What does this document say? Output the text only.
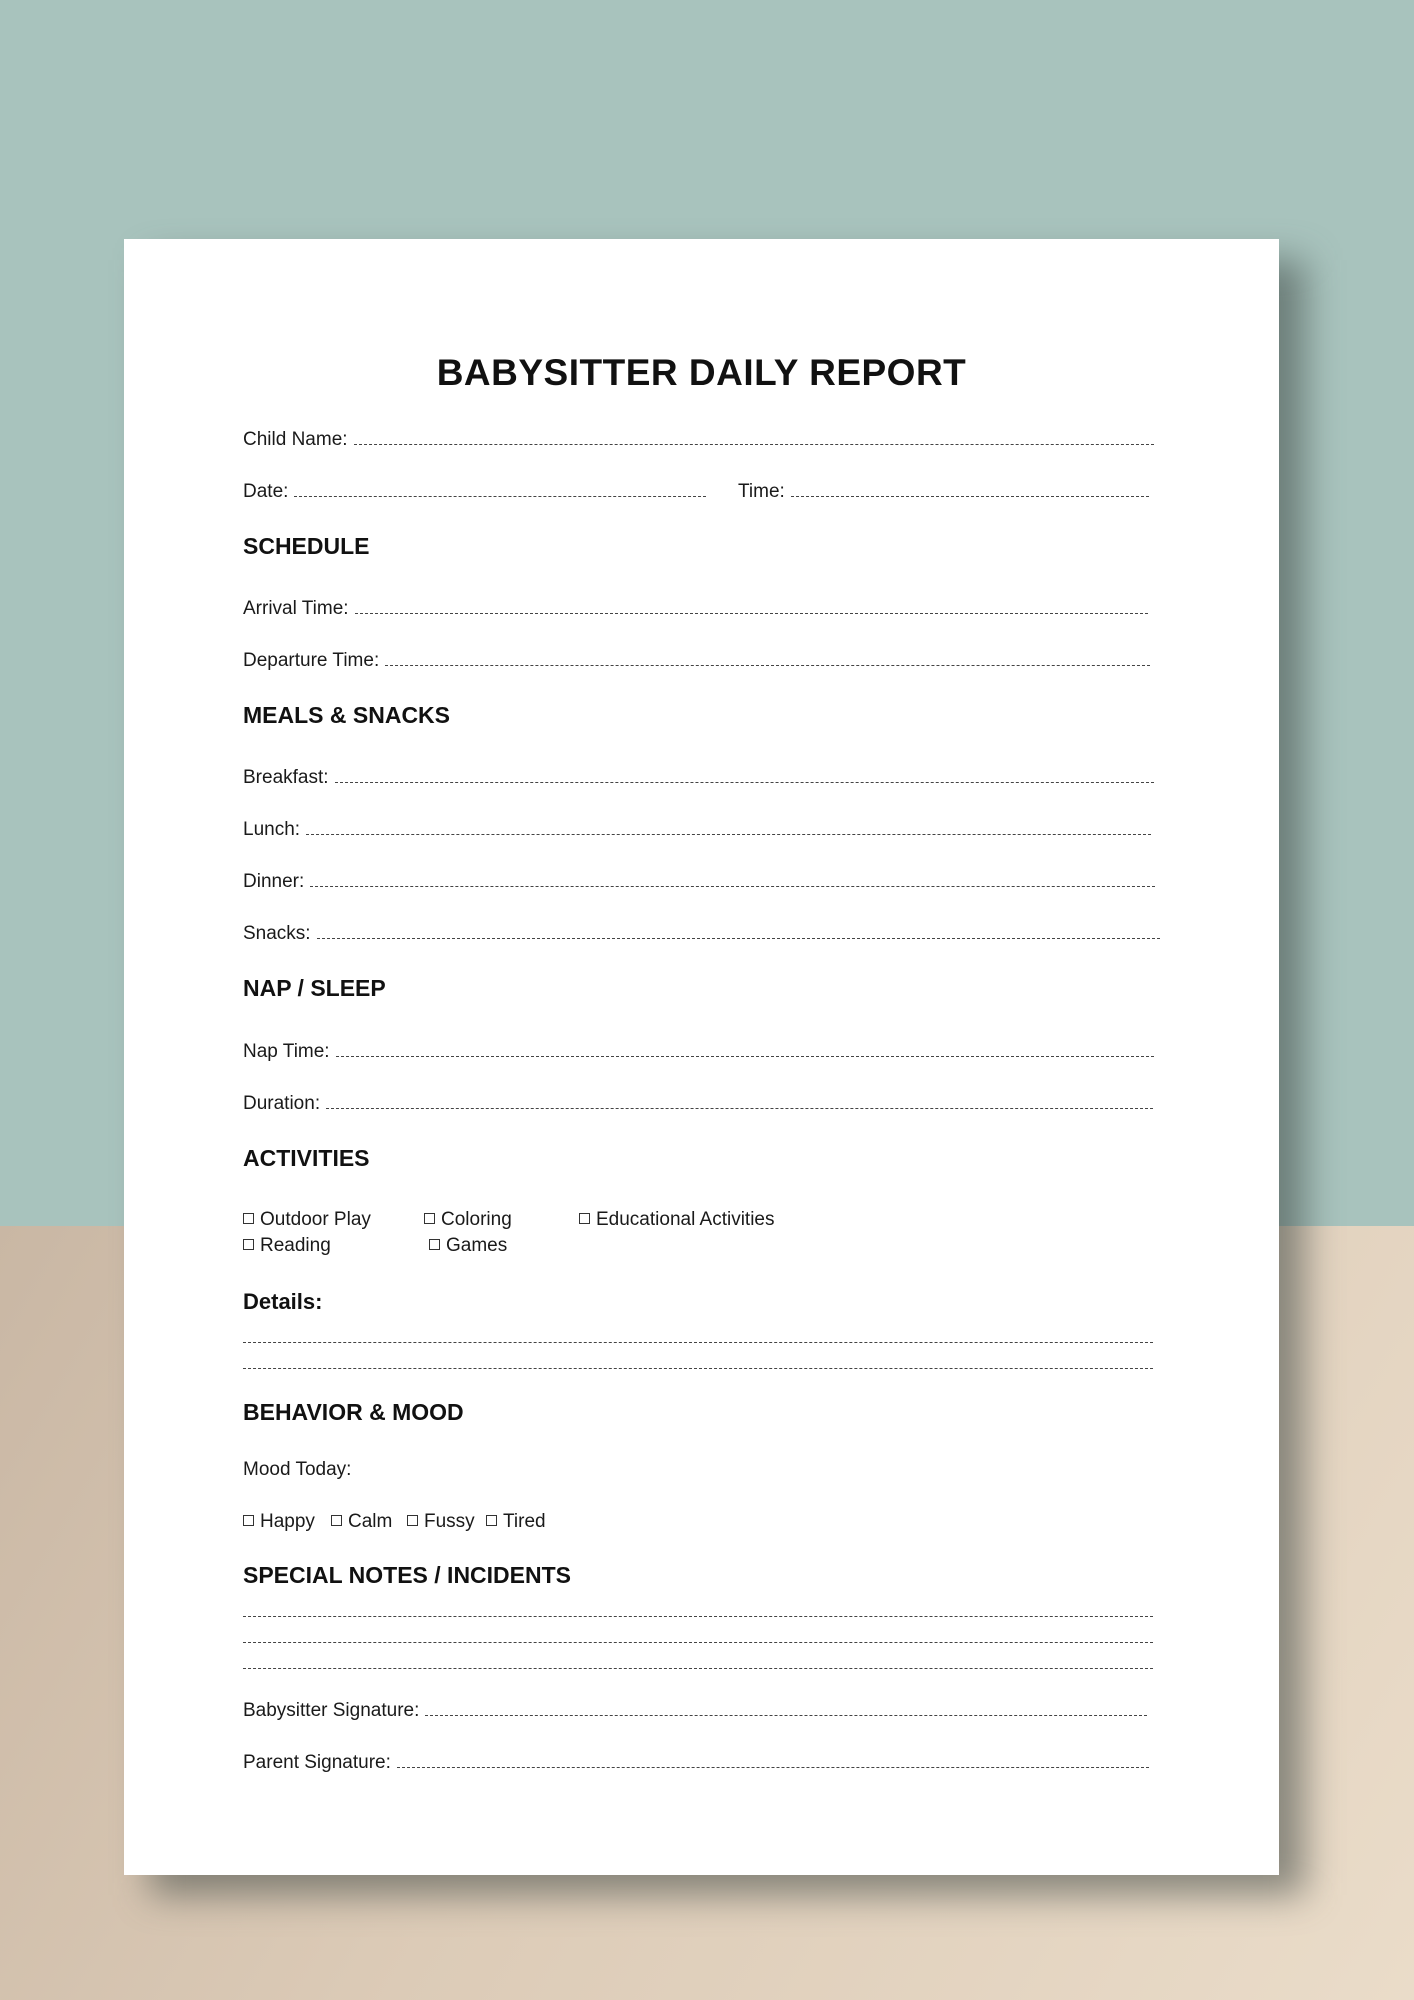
BABYSITTER DAILY REPORT
Child Name:
Date:	Time:
SCHEDULE
Arrival Time:
Departure Time:
MEALS & SNACKS
Breakfast:
Lunch:
Dinner:
Snacks:
NAP / SLEEP
Nap Time:
Duration:
ACTIVITIES
Outdoor Play	Coloring	Educational Activities
Reading	Games
Details:
BEHAVIOR & MOOD
Mood Today:
Happy	Calm	Fussy	Tired
SPECIAL NOTES / INCIDENTS
Babysitter Signature:
Parent Signature:
